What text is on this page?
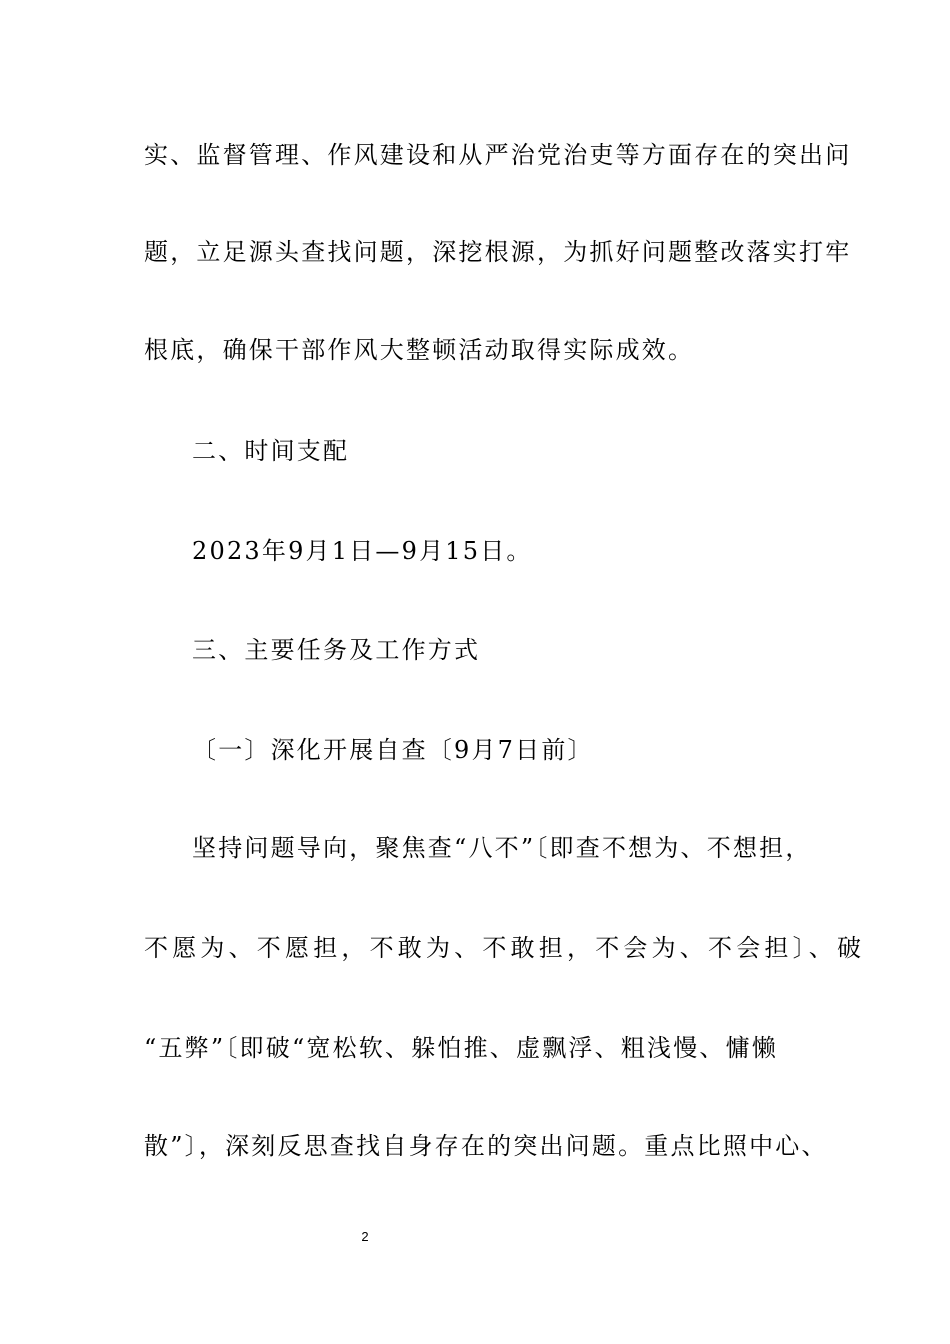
实、监督管理、作风建设和从严治党治吏等方面存在的突出问
题，立足源头查找问题，深挖根源，为抓好问题整改落实打牢
根底，确保干部作风大整顿活动取得实际成效。
二、时间支配
2023年9月1日—9月15日。
三、主要任务及工作方式
〔一〕深化开展自查〔9月7日前〕
坚持问题导向，聚焦查“八不”〔即查不想为、不想担，
不愿为、不愿担，不敢为、不敢担，不会为、不会担〕、破
“五弊”〔即破“宽松软、躲怕推、虚飘浮、粗浅慢、慵懒
散”〕，深刻反思查找自身存在的突出问题。重点比照中心、
2
